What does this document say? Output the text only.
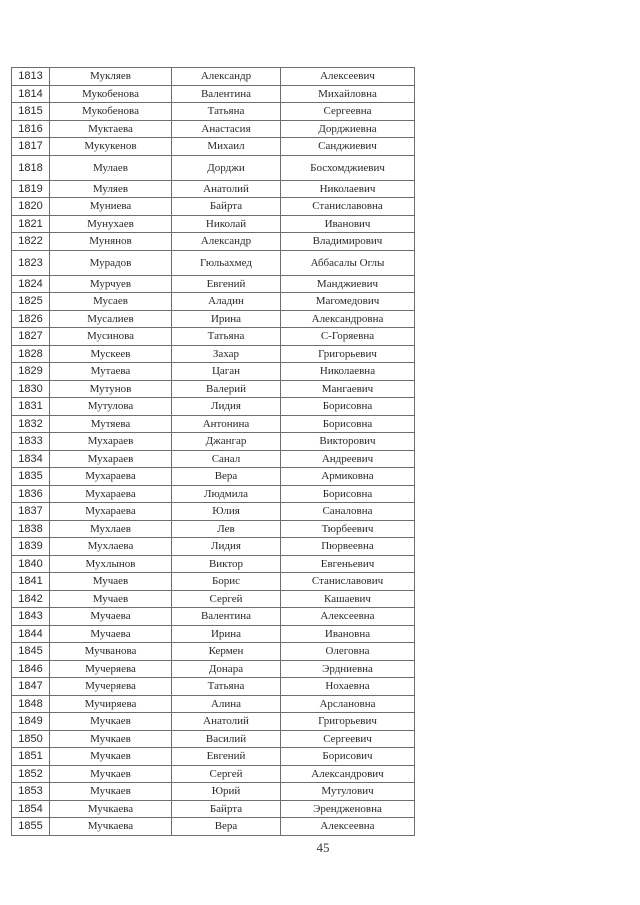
1813	Мукляев	Александр	Алексеевич
1814	Мукобенова	Валентина	Михайловна
1815	Мукобенова	Татьяна	Сергеевна
1816	Муктаева	Анастасия	Дорджиевна
1817	Мукукенов	Михаил	Санджиевич
1818	Мулаев	Дорджи	Босхомджиевич
1819	Муляев	Анатолий	Николаевич
1820	Муниева	Байрта	Станиславовна
1821	Мунухаев	Николай	Иванович
1822	Мунянов	Александр	Владимирович
1823	Мурадов	Гюльахмед	Аббасалы Оглы
1824	Мурчуев	Евгений	Манджиевич
1825	Мусаев	Аладин	Магомедович
1826	Мусалиев	Ирина	Александровна
1827	Мусинова	Татьяна	С-Горяевна
1828	Мускеев	Захар	Григорьевич
1829	Мутаева	Цаган	Николаевна
1830	Мутунов	Валерий	Мангаевич
1831	Мутулова	Лидия	Борисовна
1832	Мутяева	Антонина	Борисовна
1833	Мухараев	Джангар	Викторович
1834	Мухараев	Санал	Андреевич
1835	Мухараева	Вера	Армиковна
1836	Мухараева	Людмила	Борисовна
1837	Мухараева	Юлия	Саналовна
1838	Мухлаев	Лев	Тюрбеевич
1839	Мухлаева	Лидия	Пюрвеевна
1840	Мухлынов	Виктор	Евгеньевич
1841	Мучаев	Борис	Станиславович
1842	Мучаев	Сергей	Кашаевич
1843	Мучаева	Валентина	Алексеевна
1844	Мучаева	Ирина	Ивановна
1845	Мучванова	Кермен	Олеговна
1846	Мучеряева	Донара	Эрдниевна
1847	Мучеряева	Татьяна	Нохаевна
1848	Мучиряева	Алина	Арслановна
1849	Мучкаев	Анатолий	Григорьевич
1850	Мучкаев	Василий	Сергеевич
1851	Мучкаев	Евгений	Борисович
1852	Мучкаев	Сергей	Александрович
1853	Мучкаев	Юрий	Мутулович
1854	Мучкаева	Байрта	Эрендженовна
1855	Мучкаева	Вера	Алексеевна
45
